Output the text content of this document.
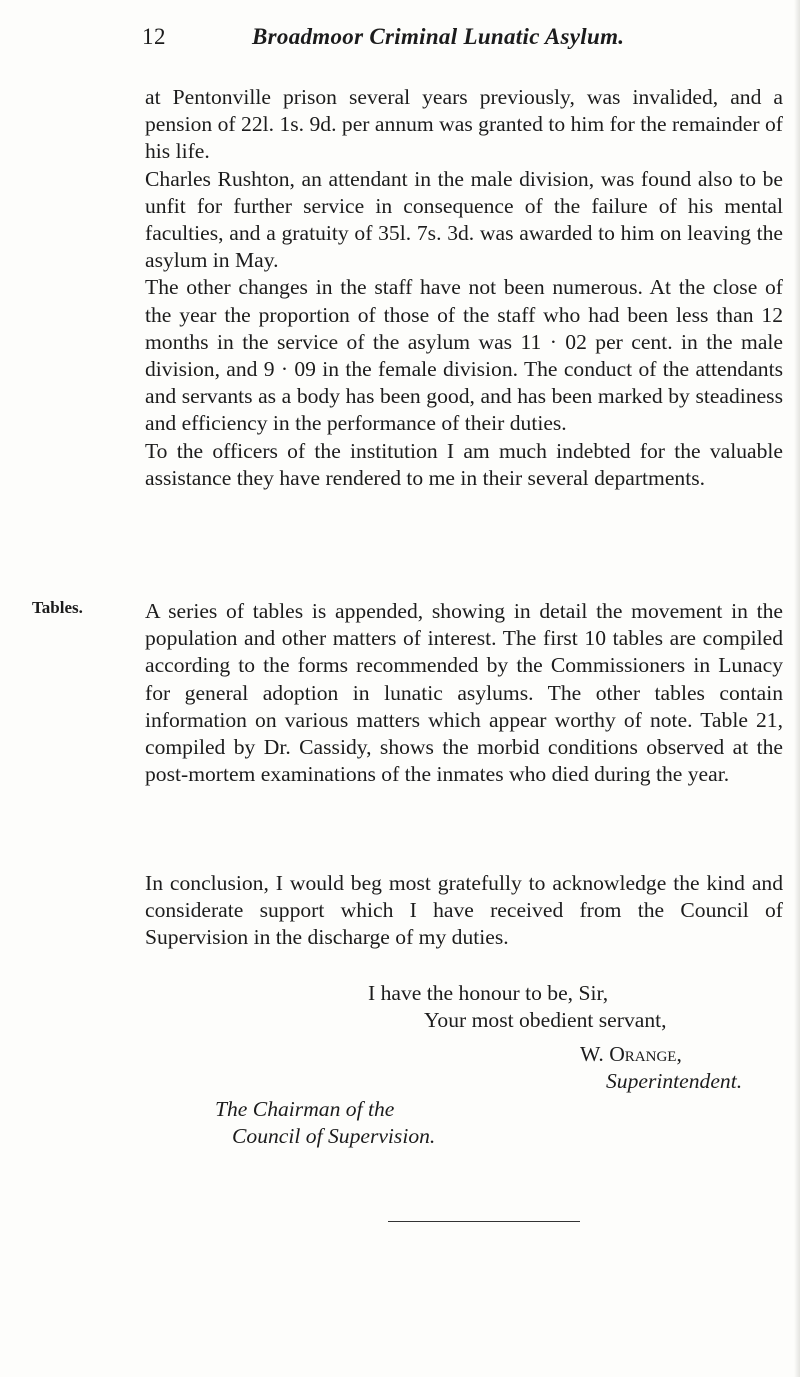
12	Broadmoor Criminal Lunatic Asylum.

at Pentonville prison several years previously, was invalided, and a pension of 22l. 1s. 9d. per annum was granted to him for the remainder of his life.

Charles Rushton, an attendant in the male division, was found also to be unfit for further service in consequence of the failure of his mental faculties, and a gratuity of 35l. 7s. 3d. was awarded to him on leaving the asylum in May.

The other changes in the staff have not been numerous. At the close of the year the proportion of those of the staff who had been less than 12 months in the service of the asylum was 11 · 02 per cent. in the male division, and 9 · 09 in the female division. The conduct of the attendants and servants as a body has been good, and has been marked by steadiness and efficiency in the performance of their duties.

To the officers of the institution I am much indebted for the valuable assistance they have rendered to me in their several departments.

Tables.	A series of tables is appended, showing in detail the movement in the population and other matters of interest. The first 10 tables are compiled according to the forms recommended by the Commissioners in Lunacy for general adoption in lunatic asylums. The other tables contain information on various matters which appear worthy of note. Table 21, compiled by Dr. Cassidy, shows the morbid conditions observed at the post-mortem examinations of the inmates who died during the year.

In conclusion, I would beg most gratefully to acknowledge the kind and considerate support which I have received from the Council of Supervision in the discharge of my duties.

I have the honour to be, Sir,
Your most obedient servant,
W. Orange,
Superintendent.
The Chairman of the
Council of Supervision.
